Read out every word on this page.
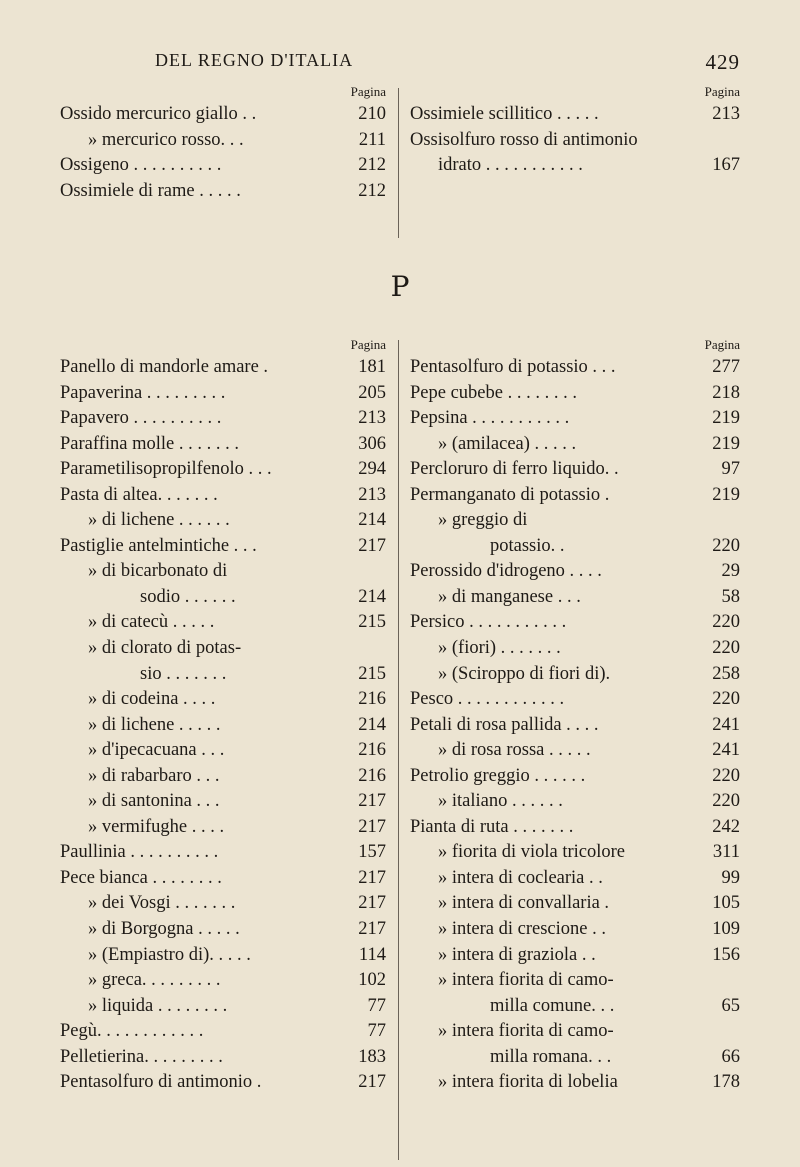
DEL REGNO D'ITALIA	429
Pagina
Ossido mercurico giallo . .	210
» mercurico rosso. . .	211
Ossigeno . . . . . . . . . .	212
Ossimiele di rame . . . . .	212
Pagina
Ossimiele scillitico . . . . .	213
Ossisolfuro rosso di antimonio
idrato . . . . . . . . . . .	167
P
Pagina
Panello di mandorle amare .	181
Papaverina . . . . . . . . .	205
Papavero . . . . . . . . . .	213
Paraffina molle . . . . . . .	306
Parametilisopropilfenolo . . .	294
Pasta di altea. . . . . . .	213
» di lichene . . . . . .	214
Pastiglie antelmintiche . . .	217
» di bicarbonato di
sodio . . . . . .	214
» di catecù . . . . .	215
» di clorato di potas-
sio . . . . . . .	215
» di codeina . . . .	216
» di lichene . . . . .	214
» d'ipecacuana . . .	216
» di rabarbaro . . .	216
» di santonina . . .	217
» vermifughe . . . .	217
Paullinia . . . . . . . . . .	157
Pece bianca . . . . . . . .	217
» dei Vosgi . . . . . . .	217
» di Borgogna . . . . .	217
» (Empiastro di). . . . .	114
» greca. . . . . . . . .	102
» liquida . . . . . . . .	77
Pegù. . . . . . . . . . . .	77
Pelletierina. . . . . . . . .	183
Pentasolfuro di antimonio .	217
Pagina
Pentasolfuro di potassio . . .	277
Pepe cubebe . . . . . . . .	218
Pepsina . . . . . . . . . . .	219
» (amilacea) . . . . .	219
Percloruro di ferro liquido. .	97
Permanganato di potassio .	219
» greggio di
potassio. .	220
Perossido d'idrogeno . . . .	29
» di manganese . . .	58
Persico . . . . . . . . . . .	220
» (fiori) . . . . . . .	220
» (Sciroppo di fiori di).	258
Pesco . . . . . . . . . . . .	220
Petali di rosa pallida . . . .	241
» di rosa rossa . . . . .	241
Petrolio greggio . . . . . .	220
» italiano . . . . . .	220
Pianta di ruta . . . . . . .	242
» fiorita di viola tricolore	311
» intera di coclearia . .	99
» intera di convallaria .	105
» intera di crescione . .	109
» intera di graziola . .	156
» intera fiorita di camo-
milla comune. . .	65
» intera fiorita di camo-
milla romana. . .	66
» intera fiorita di lobelia	178
